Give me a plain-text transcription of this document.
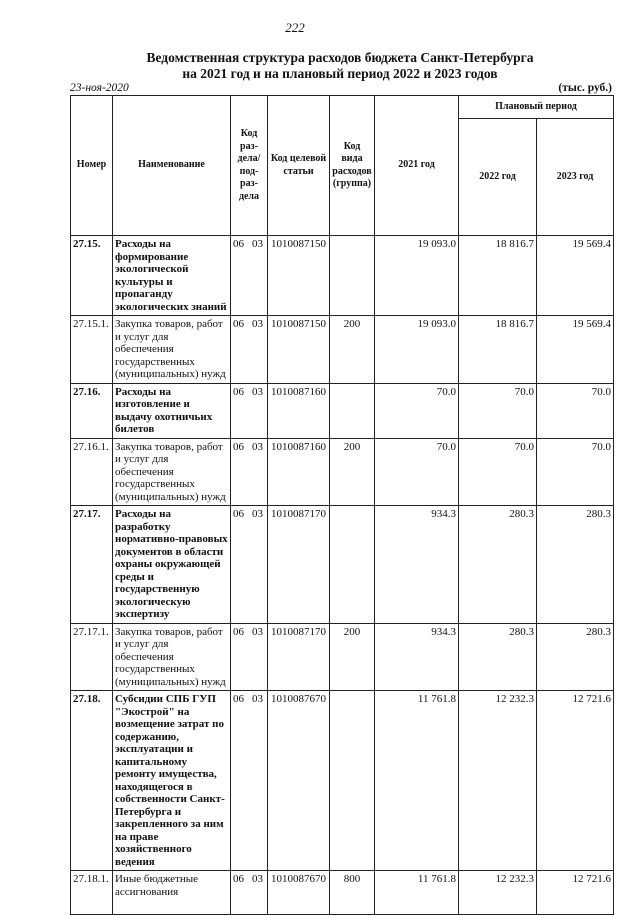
222
Ведомственная структура расходов бюджета Санкт-Петербурга
на 2021 год и на плановый период 2022 и 2023 годов
23-ноя-2020	(тыс. руб.)
Номер	Наименование	Код раз-дела/ под-раз-дела	Код целевой статьи	Код вида расходов (группа)	2021 год	Плановый период	
						2022 год	2023 год
27.15.	Расходы на формирование экологической культуры и пропаганду экологических знаний	06 03	1010087150		19 093.0	18 816.7	19 569.4
27.15.1.	Закупка товаров, работ и услуг для обеспечения государственных (муниципальных) нужд	06 03	1010087150	200	19 093.0	18 816.7	19 569.4
27.16.	Расходы на изготовление и выдачу охотничьих билетов	06 03	1010087160		70.0	70.0	70.0
27.16.1.	Закупка товаров, работ и услуг для обеспечения государственных (муниципальных) нужд	06 03	1010087160	200	70.0	70.0	70.0
27.17.	Расходы на разработку нормативно-правовых документов в области охраны окружающей среды и государственную экологическую экспертизу	06 03	1010087170		934.3	280.3	280.3
27.17.1.	Закупка товаров, работ и услуг для обеспечения государственных (муниципальных) нужд	06 03	1010087170	200	934.3	280.3	280.3
27.18.	Субсидии СПБ ГУП "Экострой" на возмещение затрат по содержанию, эксплуатации и капитальному ремонту имущества, находящегося в собственности Санкт-Петербурга и закрепленного за ним на праве хозяйственного ведения	06 03	1010087670		11 761.8	12 232.3	12 721.6
27.18.1.	Иные бюджетные ассигнования	06 03	1010087670	800	11 761.8	12 232.3	12 721.6
